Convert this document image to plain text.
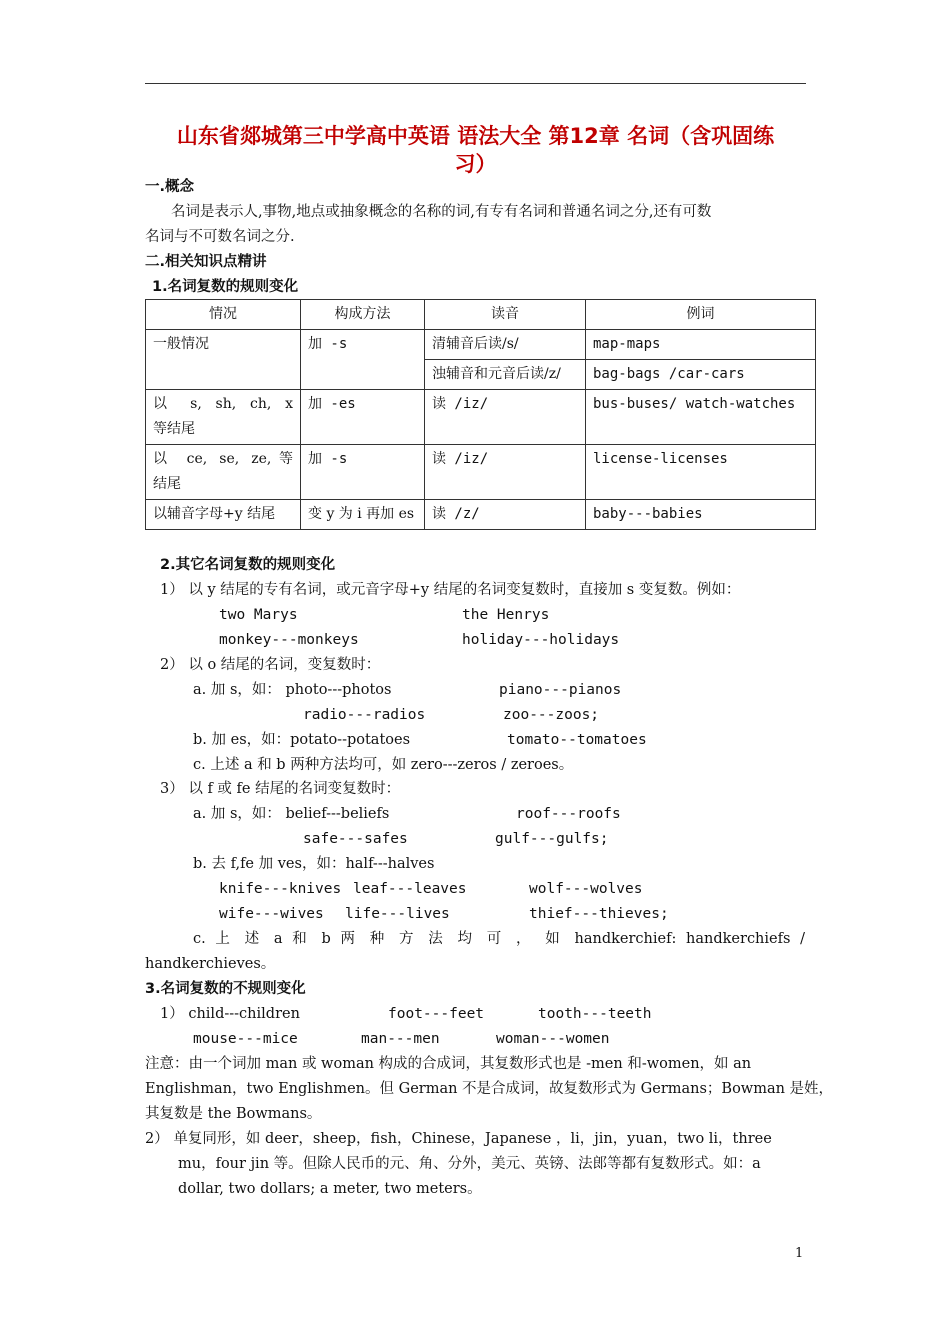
山东省郯城第三中学高中英语 语法大全 第12章 名词（含巩固练
习）
一.概念
名词是表示人,事物,地点或抽象概念的名称的词,有专有名词和普通名词之分,还有可数
名词与不可数名词之分.
二.相关知识点精讲
1.名词复数的规则变化
情况	构成方法	读音	例词
一般情况	加 -s	清辅音后读/s/	map-maps
		浊辅音和元音后读/z/	bag-bags /car-cars

以 s, sh, ch, x
等结尾	加 -es	读 /iz/	bus-buses/ watch-watches

以 ce, se, ze,等
结尾	加 -s	读 /iz/	license-licenses
以辅音字母+y 结尾	变 y 为 i 再加 es	读 /z/	baby---babies
2.其它名词复数的规则变化
1） 以 y 结尾的专有名词，或元音字母+y 结尾的名词变复数时，直接加 s 变复数。例如：
two Marys	the Henrys
monkey---monkeys	holiday---holidays
2） 以 o 结尾的名词，变复数时：
a. 加 s，如： photo---photos	piano---pianos
radio---radios	zoo---zoos;
b. 加 es，如：potato--potatoes	tomato--tomatoes
c. 上述 a 和 b 两种方法均可，如 zero---zeros / zeroes。
3） 以 f 或 fe 结尾的名词变复数时：
a. 加 s，如： belief---beliefs	roof---roofs
safe---safes	gulf---gulfs;
b. 去 f,fe 加 ves，如：half---halves
knife---knives leaf---leaves	wolf---wolves
wife---wives life---lives	thief---thieves;
c. 上 述 a 和 b 两 种 方 法 均 可 ， 如 handkerchief: handkerchiefs /
handkerchieves。
3.名词复数的不规则变化
1） child---children	foot---feet	tooth---teeth
mouse---mice	man---men	woman---women
注意：由一个词加 man 或 woman 构成的合成词，其复数形式也是 -men 和-women，如 an
Englishman，two Englishmen。但 German 不是合成词，故复数形式为 Germans；Bowman 是姓，
其复数是 the Bowmans。
2） 单复同形，如 deer，sheep，fish，Chinese，Japanese ，li，jin，yuan，two li，three
mu，four jin 等。但除人民币的元、角、分外，美元、英镑、法郎等都有复数形式。如：a
dollar, two dollars; a meter, two meters。
1
